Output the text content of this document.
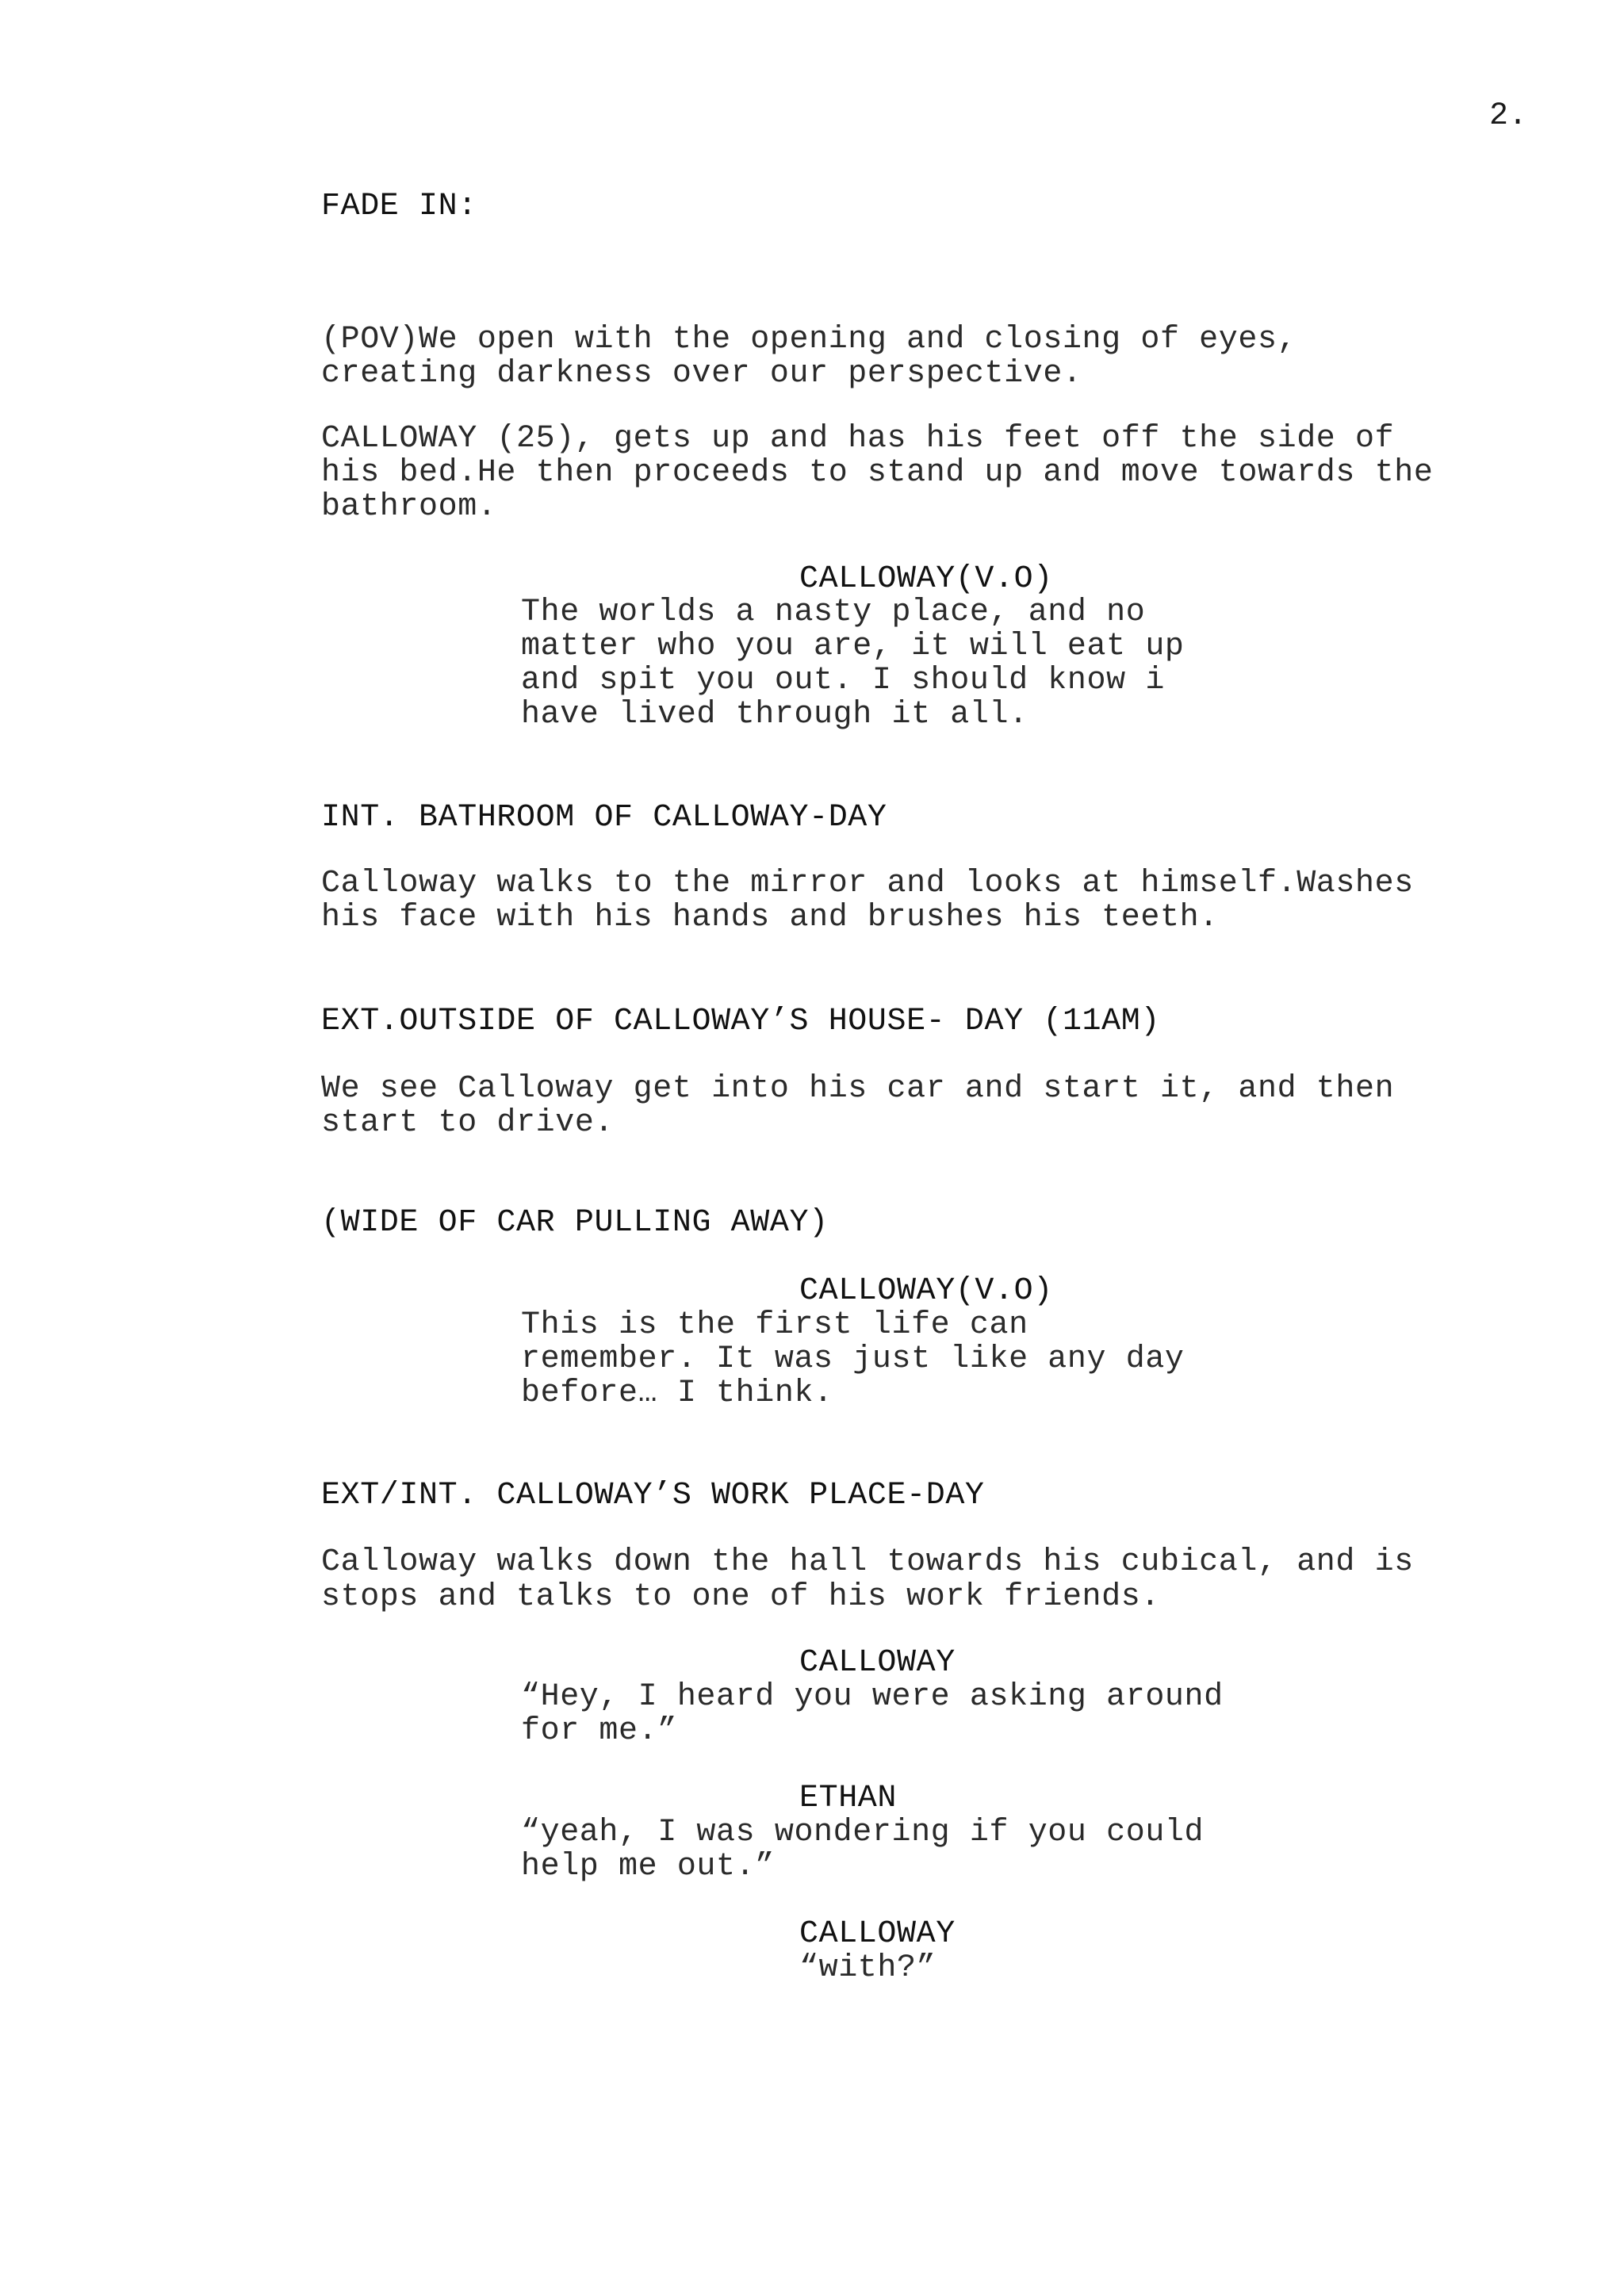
2.
FADE IN:
(POV)We open with the opening and closing of eyes,
creating darkness over our perspective.
CALLOWAY (25), gets up and has his feet off the side of
his bed.He then proceeds to stand up and move towards the
bathroom.
CALLOWAY(V.O)
The worlds a nasty place, and no
matter who you are, it will eat up
and spit you out. I should know i
have lived through it all.
INT. BATHROOM OF CALLOWAY-DAY
Calloway walks to the mirror and looks at himself.Washes
his face with his hands and brushes his teeth.
EXT.OUTSIDE OF CALLOWAY’S HOUSE- DAY (11AM)
We see Calloway get into his car and start it, and then
start to drive.
(WIDE OF CAR PULLING AWAY)
CALLOWAY(V.O)
This is the first life can
remember. It was just like any day
before… I think.
EXT/INT. CALLOWAY’S WORK PLACE-DAY
Calloway walks down the hall towards his cubical, and is
stops and talks to one of his work friends.
CALLOWAY
“Hey, I heard you were asking around
for me.”
ETHAN
“yeah, I was wondering if you could
help me out.”
CALLOWAY
“with?”
